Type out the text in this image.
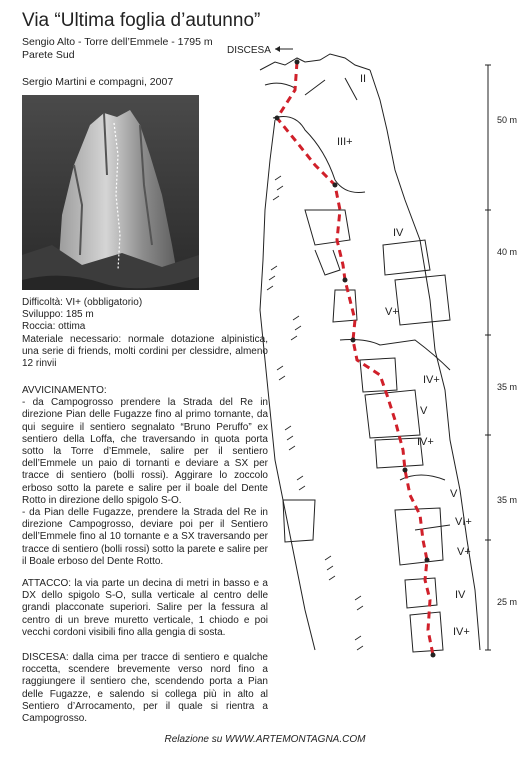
Via “Ultima foglia d’autunno”
Sengio Alto - Torre dell’Emmele - 1795 m
Parete Sud
Sergio Martini e compagni, 2007
Difficoltà: VI+ (obbligatorio)
Sviluppo: 185 m
Roccia: ottima
Materiale necessario: normale dotazione alpinistica, una serie di friends, molti cordini per clessidre, almeno 12 rinvii
AVVICINAMENTO:
- da Campogrosso prendere la Strada del Re in direzione Pian delle Fugazze fino al primo tornante, da qui seguire il sentiero segnalato “Bruno Peruffo” ex sentiero della Loffa, che traversando in quota porta sotto la Torre d’Emmele, salire per il sentiero dell’Emmele un paio di tornanti e deviare a SX per tracce di sentiero (bolli rossi). Aggirare lo zoccolo erboso sotto la parete e salire per il boale del Dente Rotto in direzione dello spigolo S-O.
- da Pian delle Fugazze, prendere la Strada del Re in direzione Campogrosso, deviare poi per il Sentiero dell’Emmele fino al 10 tornante e a SX traversando per tracce di sentiero (bolli rossi) sotto la parete e salire per il Boale erboso del Dente Rotto.
ATTACCO: la via parte un decina di metri in basso e a DX dello spigolo S-O, sulla verticale al centro delle grandi placconate superiori. Salire per la fessura al centro di un breve muretto verticale, 1 chiodo e poi vecchi cordoni visibili fino alla gengia di sosta.
DISCESA: dalla cima per tracce di sentiero e qualche roccetta, scendere brevemente verso nord fino a raggiungere il sentiero che, scendendo porta a Pian delle Fugazze, e salendo si collega più in alto al Sentiero d’Arrocamento, per il quale si rientra a Campogrosso.
Relazione su WWW.ARTEMONTAGNA.COM
DISCESA
II
III+
IV
V+
IV+
V
IV+
V
VI+
V+
IV
IV+
50 m
40 m
35 m
35 m
25 m
